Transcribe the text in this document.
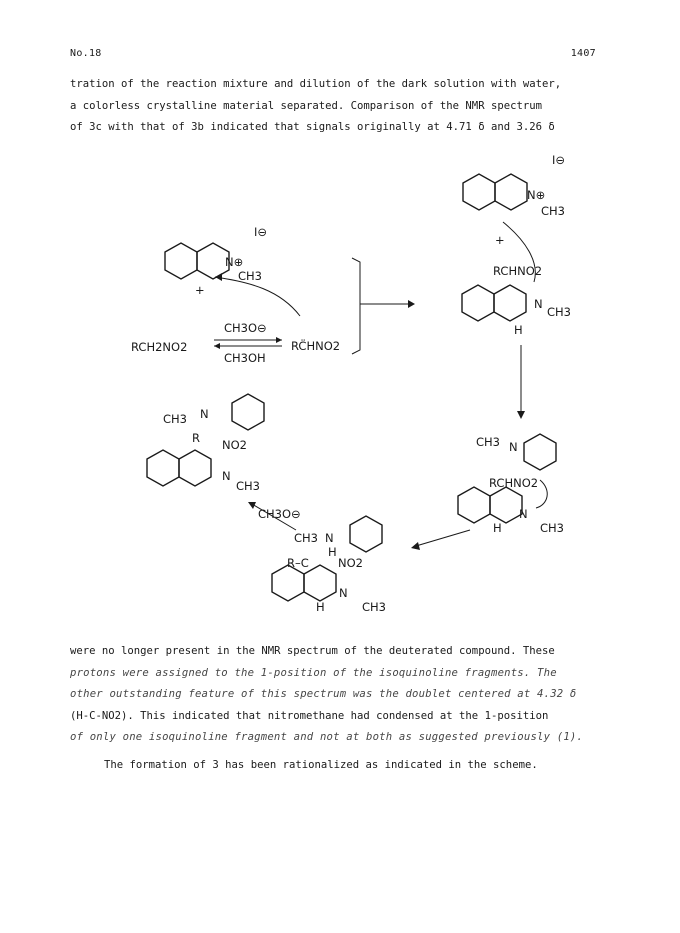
No.18	1407
tration of the reaction mixture and dilution of the dark solution with water,
a colorless crystalline material separated. Comparison of the NMR spectrum
of 3c with that of 3b indicated that signals originally at 4.71 δ and 3.26 δ
I⊖
N⊕
CH3
+
RCH2NO2
CH3O⊖
CH3OH
RC̈HNO2
I⊖
N⊕
CH3
+
RCHNO2
N
CH3
H
CH3 N
RCHNO2
N
H	CH3
CH3 N
H
R–C	NO2
N
H	CH3
CH3O⊖
CH3 N
R NO2
N
CH3
were no longer present in the NMR spectrum of the deuterated compound. These
protons were assigned to the 1-position of the isoquinoline fragments. The
other outstanding feature of this spectrum was the doublet centered at 4.32 δ
(H-C-NO2). This indicated that nitromethane had condensed at the 1-position
of only one isoquinoline fragment and not at both as suggested previously (1).
The formation of 3 has been rationalized as indicated in the scheme.
